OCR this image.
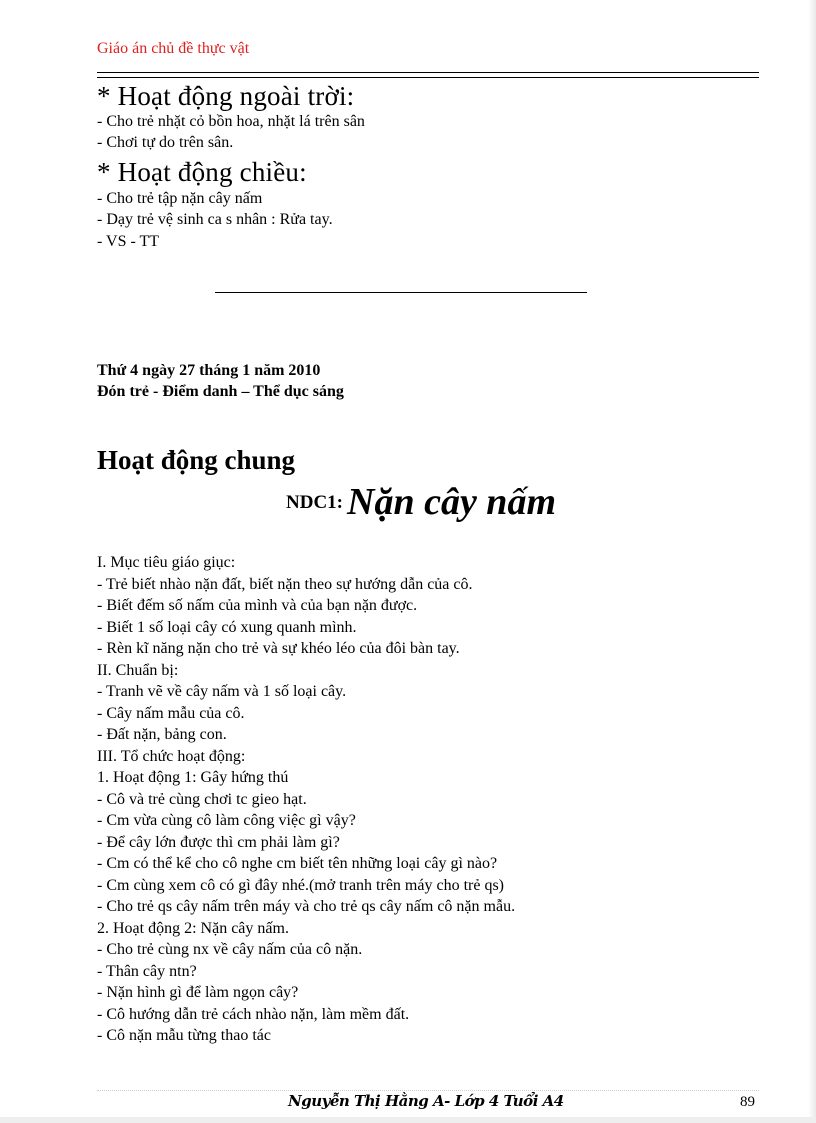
Giáo án chủ đề thực vật
* Hoạt động ngoài trời:
- Cho trẻ nhặt cỏ bồn hoa, nhặt lá trên sân
- Chơi tự do trên sân.
* Hoạt động chiều:
- Cho trẻ tập nặn cây nấm
- Dạy trẻ vệ sinh ca s nhân : Rửa tay.
- VS - TT
Thứ 4 ngày 27 tháng 1 năm 2010
Đón trẻ - Điểm danh – Thể dục sáng
Hoạt động chung
NDC1: Nặn cây nấm
I. Mục tiêu giáo giục:
- Trẻ biết nhào nặn đất, biết nặn theo sự hướng dẫn của cô.
- Biết đếm số nấm của mình và của bạn nặn được.
- Biết 1 số loại cây có xung quanh mình.
- Rèn kĩ năng nặn cho trẻ và sự khéo léo của đôi bàn tay.
II. Chuẩn bị:
- Tranh vẽ về cây nấm và 1 số loại cây.
- Cây nấm mẫu của cô.
- Đất nặn, bảng con.
III. Tổ chức hoạt động:
1. Hoạt động 1: Gây hứng thú
- Cô và trẻ cùng chơi tc gieo hạt.
- Cm vừa cùng cô làm công việc gì vậy?
- Để cây lớn được thì cm phải làm gì?
- Cm có thể kể cho cô nghe cm biết tên những loại cây gì nào?
- Cm cùng xem cô có gì đây nhé.(mở tranh trên máy cho trẻ qs)
- Cho trẻ qs cây nấm trên máy và cho trẻ qs cây nấm cô nặn mẫu.
2. Hoạt động 2: Nặn cây nấm.
- Cho trẻ cùng nx về cây nấm của cô nặn.
- Thân cây ntn?
- Nặn hình gì để làm ngọn cây?
- Cô hướng dẫn trẻ cách nhào nặn, làm mềm đất.
- Cô nặn mẫu từng thao tác
Nguyễn Thị Hằng A- Lớp 4 Tuổi A4	89
